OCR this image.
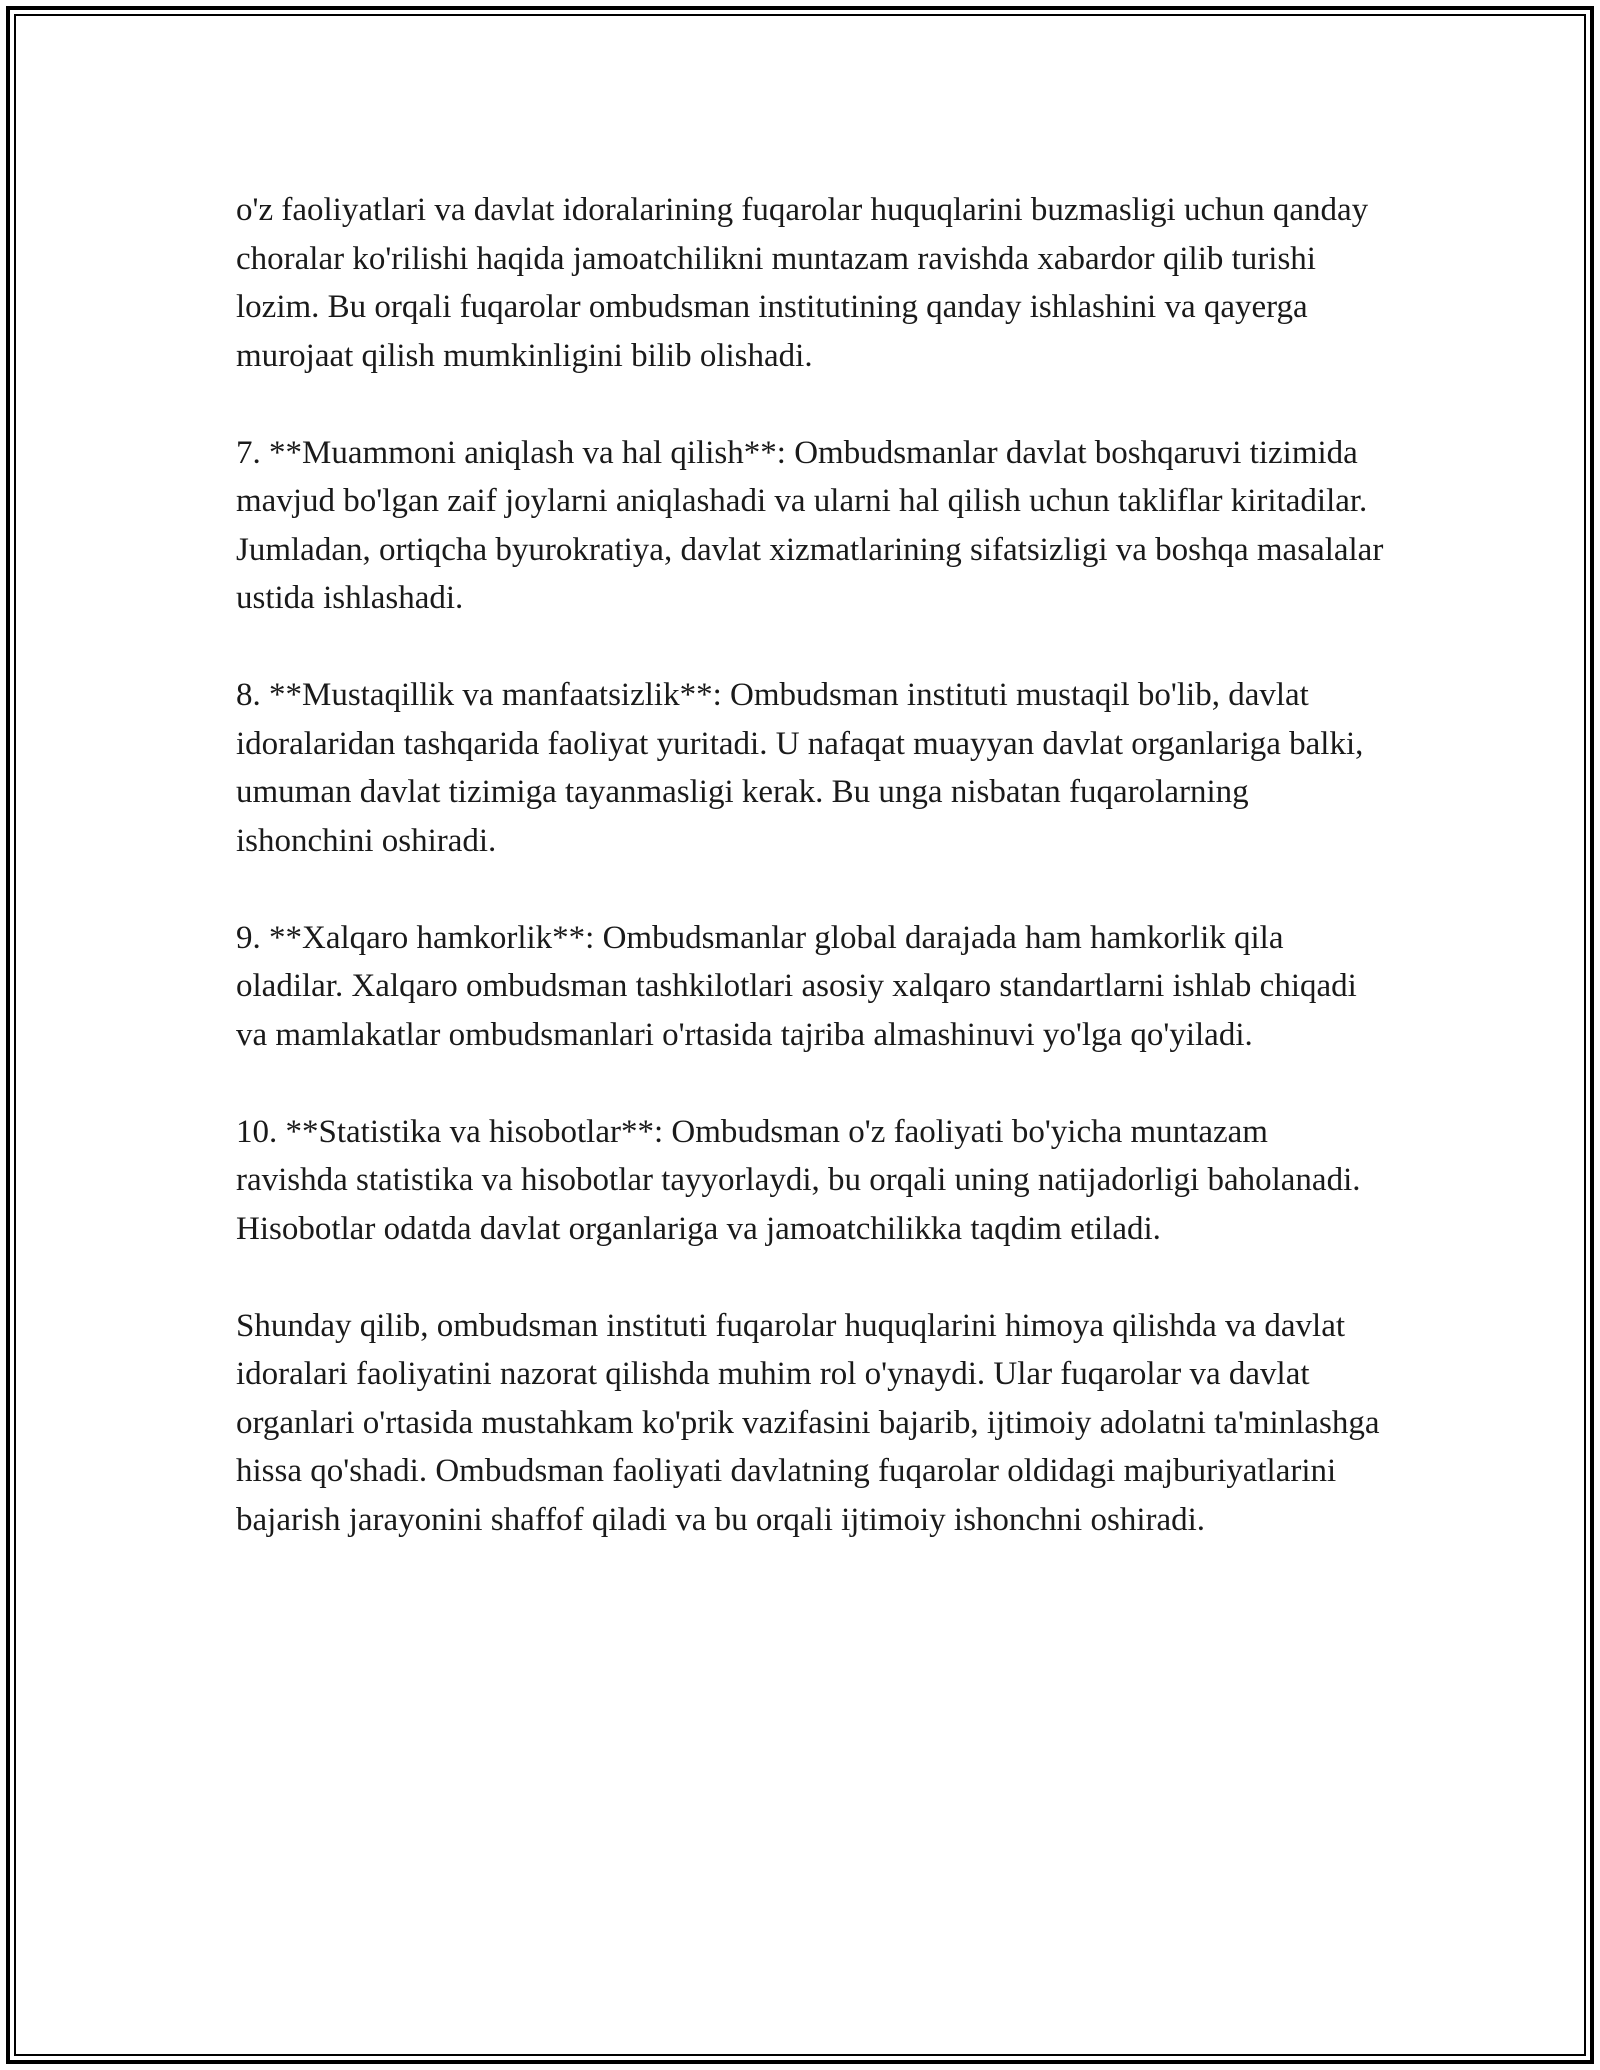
o'z faoliyatlari va davlat idoralarining fuqarolar huquqlarini buzmasligi uchun qanday choralar ko'rilishi haqida jamoatchilikni muntazam ravishda xabardor qilib turishi lozim. Bu orqali fuqarolar ombudsman institutining qanday ishlashini va qayerga murojaat qilish mumkinligini bilib olishadi.

7. **Muammoni aniqlash va hal qilish**: Ombudsmanlar davlat boshqaruvi tizimida mavjud bo'lgan zaif joylarni aniqlashadi va ularni hal qilish uchun takliflar kiritadilar. Jumladan, ortiqcha byurokratiya, davlat xizmatlarining sifatsizligi va boshqa masalalar ustida ishlashadi.

8. **Mustaqillik va manfaatsizlik**: Ombudsman instituti mustaqil bo'lib, davlat idoralaridan tashqarida faoliyat yuritadi. U nafaqat muayyan davlat organlariga balki, umuman davlat tizimiga tayanmasligi kerak. Bu unga nisbatan fuqarolarning ishonchini oshiradi.

9. **Xalqaro hamkorlik**: Ombudsmanlar global darajada ham hamkorlik qila oladilar. Xalqaro ombudsman tashkilotlari asosiy xalqaro standartlarni ishlab chiqadi va mamlakatlar ombudsmanlari o'rtasida tajriba almashinuvi yo'lga qo'yiladi.

10. **Statistika va hisobotlar**: Ombudsman o'z faoliyati bo'yicha muntazam ravishda statistika va hisobotlar tayyorlaydi, bu orqali uning natijadorligi baholanadi. Hisobotlar odatda davlat organlariga va jamoatchilikka taqdim etiladi.

Shunday qilib, ombudsman instituti fuqarolar huquqlarini himoya qilishda va davlat idoralari faoliyatini nazorat qilishda muhim rol o'ynaydi. Ular fuqarolar va davlat organlari o'rtasida mustahkam ko'prik vazifasini bajarib, ijtimoiy adolatni ta'minlashga hissa qo'shadi. Ombudsman faoliyati davlatning fuqarolar oldidagi majburiyatlarini bajarish jarayonini shaffof qiladi va bu orqali ijtimoiy ishonchni oshiradi.
